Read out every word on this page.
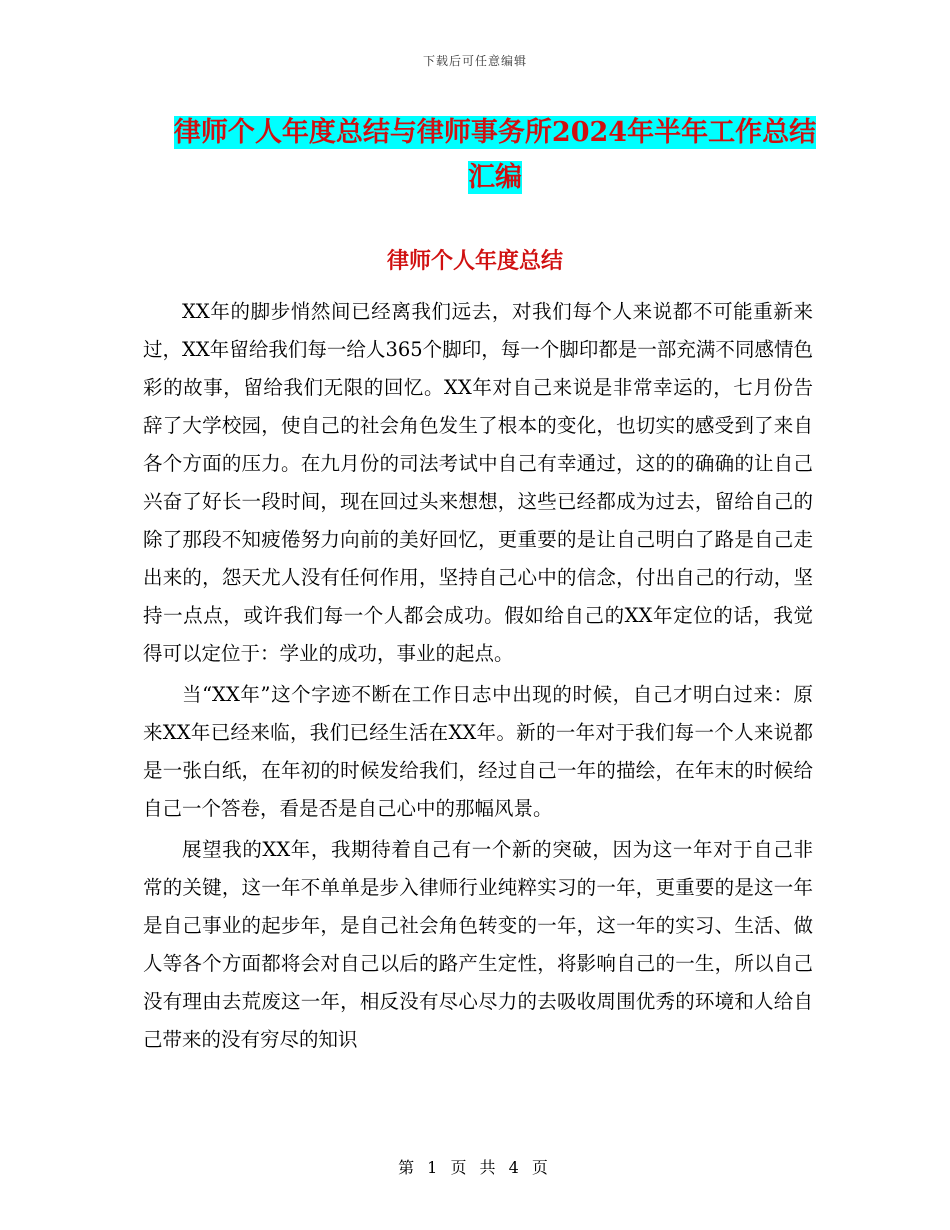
下载后可任意编辑
律师个人年度总结与律师事务所2024年半年工作总结
汇编
律师个人年度总结

XX年的脚步悄然间已经离我们远去，对我们每个人来说都不可能重新来过，XX年留给我们每一给人365个脚印，每一个脚印都是一部充满不同感情色彩的故事，留给我们无限的回忆。XX年对自己来说是非常幸运的，七月份告辞了大学校园，使自己的社会角色发生了根本的变化，也切实的感受到了来自各个方面的压力。在九月份的司法考试中自己有幸通过，这的的确确的让自己兴奋了好长一段时间，现在回过头来想想，这些已经都成为过去，留给自己的除了那段不知疲倦努力向前的美好回忆，更重要的是让自己明白了路是自己走出来的，怨天尤人没有任何作用，坚持自己心中的信念，付出自己的行动，坚持一点点，或许我们每一个人都会成功。假如给自己的XX年定位的话，我觉得可以定位于：学业的成功，事业的起点。

当“XX年”这个字迹不断在工作日志中出现的时候，自己才明白过来：原来XX年已经来临，我们已经生活在XX年。新的一年对于我们每一个人来说都是一张白纸，在年初的时候发给我们，经过自己一年的描绘，在年末的时候给自己一个答卷，看是否是自己心中的那幅风景。

展望我的XX年，我期待着自己有一个新的突破，因为这一年对于自己非常的关键，这一年不单单是步入律师行业纯粹实习的一年，更重要的是这一年是自己事业的起步年，是自己社会角色转变的一年，这一年的实习、生活、做人等各个方面都将会对自己以后的路产生定性，将影响自己的一生，所以自己没有理由去荒废这一年，相反没有尽心尽力的去吸收周围优秀的环境和人给自己带来的没有穷尽的知识

第 1 页 共 4 页
